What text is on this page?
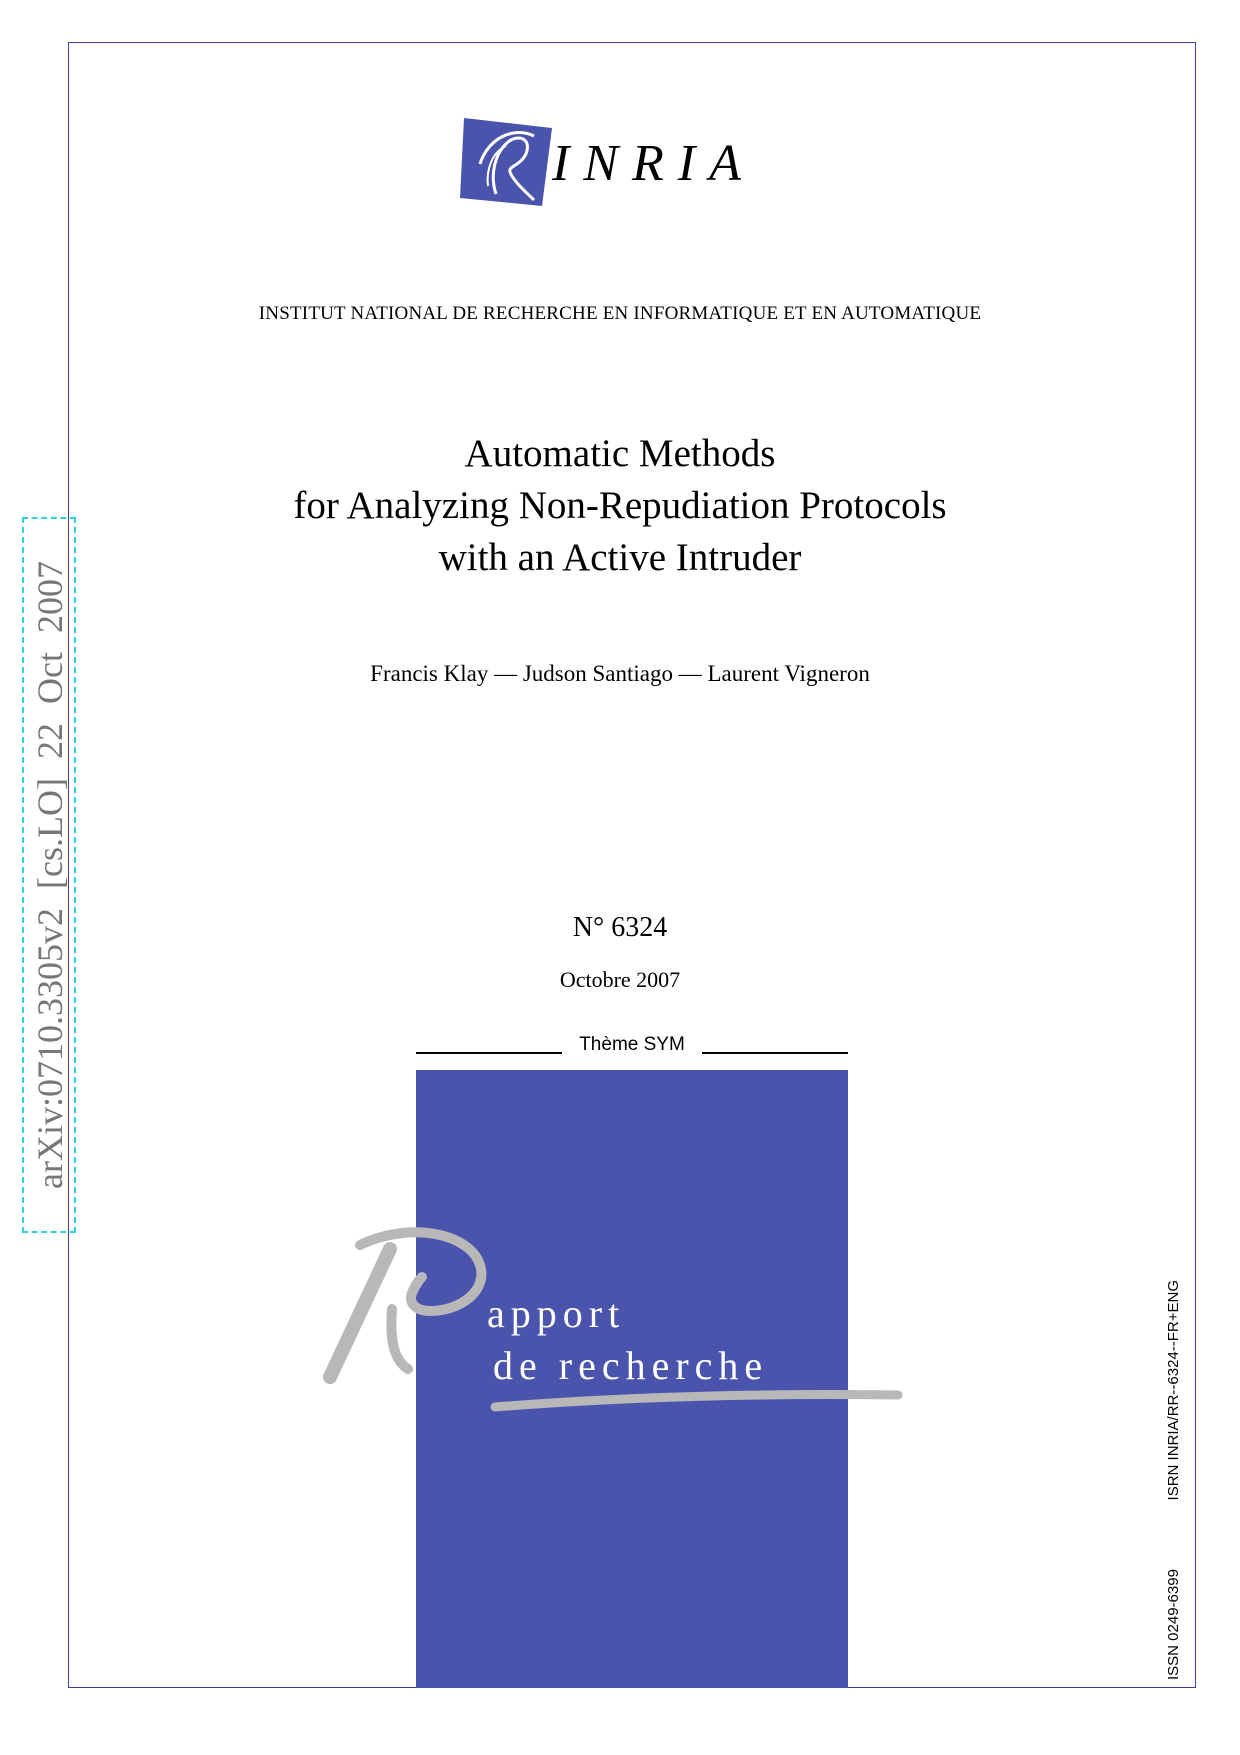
INRIA
INSTITUT NATIONAL DE RECHERCHE EN INFORMATIQUE ET EN AUTOMATIQUE
Automatic Methods
for Analyzing Non-Repudiation Protocols
with an Active Intruder
Francis Klay — Judson Santiago — Laurent Vigneron
N° 6324
Octobre 2007
Thème SYM
apport
de recherche
arXiv:0710.3305v2 [cs.LO] 22 Oct 2007
ISSN 0249-6399
ISRN INRIA/RR--6324--FR+ENG
